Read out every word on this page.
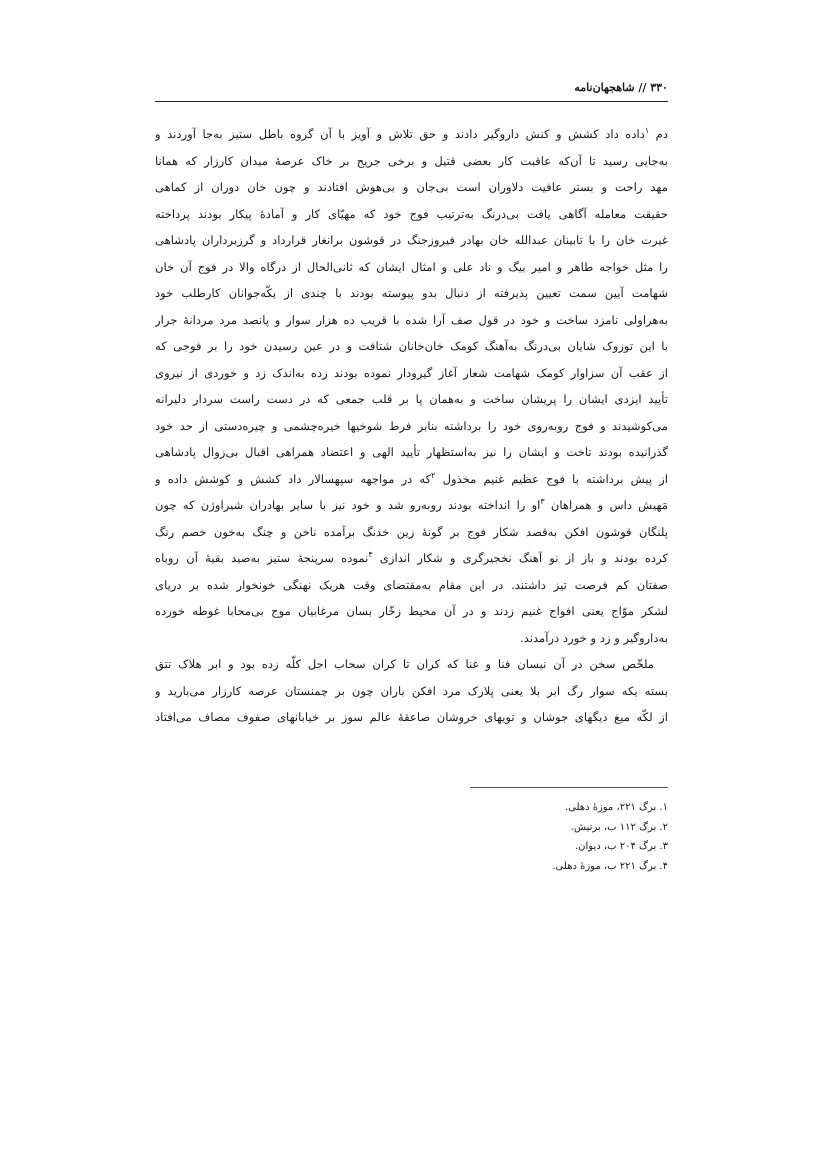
۳۳۰ // شاهجهان‌نامه
دم $^۱$داده داد کشش و کنش داروگیر دادند و حق تلاش و آویز با آن گروه باطل ستیز به‌جا آوردند و
به‌جایی رسید تا آن‌که عاقبت کار بعضی قتیل و برخی جریح بر خاک عرصهٔ میدان کارزار که همانا
مهد راحت و بستر عافیت دلاوران است بی‌جان و بی‌هوش افتادند و چون خان دوران از کماهی
حقیقت معامله آگاهی یافت بی‌درنگ به‌ترتیب فوج خود که مهیّای کار و آمادهٔ پیکار بودند پرداخته
غیرت خان را با تابینان عبدالله خان بهادر فیروزجنگ در قوشون برانغار قرارداد و گرزبرداران پادشاهی
را مثل خواجه طاهر و امیر بیگ و ناد علی و امثال ایشان که ثانی‌الحال از درگاه والا در فوج آن خان
شهامت آیین سمت تعیین پذیرفته از دنبال بدو پیوسته بودند با چندی از یکّه‌جوانان کارطلب خود
به‌هراولی نامزد ساخت و خود در قول صف آرا شده با قریب ده هزار سوار و پانصد مرد مردانهٔ جرار
با این توزوک شایان بی‌درنگ به‌آهنگ کومک خان‌خانان شتافت و در عین رسیدن خود را بر فوجی که
از عقب آن سزاوار کومک شهامت شعار آغاز گیرودار نموده بودند زده به‌اندک زد و خوردی از نیروی
تأیید ایزدی ایشان را پریشان ساخت و به‌همان پا بر قلب جمعی که در دست راست سردار دلیرانه
می‌کوشیدند و فوج روبه‌روی خود را برداشته بنابر فرط شوخیها خیره‌چشمی و چیره‌دستی از حد خود
گذرانیده بودند تاخت و ایشان را نیز به‌استظهار تأیید الهی و اعتضاد همراهی اقبال بی‌زوال پادشاهی
از پیش برداشته با فوج عظیم غنیم مخذول $^۲$که در مواجهه سپهسالار داد کشش و کوشش داده و
مَهیش داس و همراهان $^۳$او را انداخته بودند روبه‌رو شد و خود نیز با سایر بهادران شیراوژن که چون
پلنگان قوشون افکن به‌قصد شکار فوج بر گونهٔ زین خدنگ برآمده ناخن و چنگ به‌خون خصم رنگ
کرده بودند و باز از نو آهنگ نخجیرگری و شکار اندازی $^۴$نموده سرپنجهٔ ستیز به‌صید بقیهٔ آن روباه
صفتان کم فرصت تیز داشتند. در این مقام به‌مقتضای وقت هریک نهنگی خونخوار شده بر دریای
لشکر موّاج یعنی افواج غنیم زدند و در آن محیط زخّار بسان مرغابیان موج بی‌محابا غوطه خورده
به‌داروگیر و زد و خورد درآمدند.
ملخّص سخن در آن نیسان فنا و غنا که کران تا کران سحاب اجل کلّه زده بود و ابر هلاک تتق
بسته یکه سوار رگ ابر بلا یعنی پلارک مرد افکن باران چون بر چمنستان عرصه کارزار می‌بارید و
از لکّه میغ دیگهای جوشان و تویهای خروشان صاعقهٔ عالم سوز بر خیابانهای صفوف مصاف می‌افتاد
۱. برگ ۲۲۱، موزهٔ دهلی.
۲. برگ ۱۱۲ ب، برتیش.
۳. برگ ۲۰۴ ب، دیوان.
۴. برگ ۲۲۱ ب، موزهٔ دهلی.
